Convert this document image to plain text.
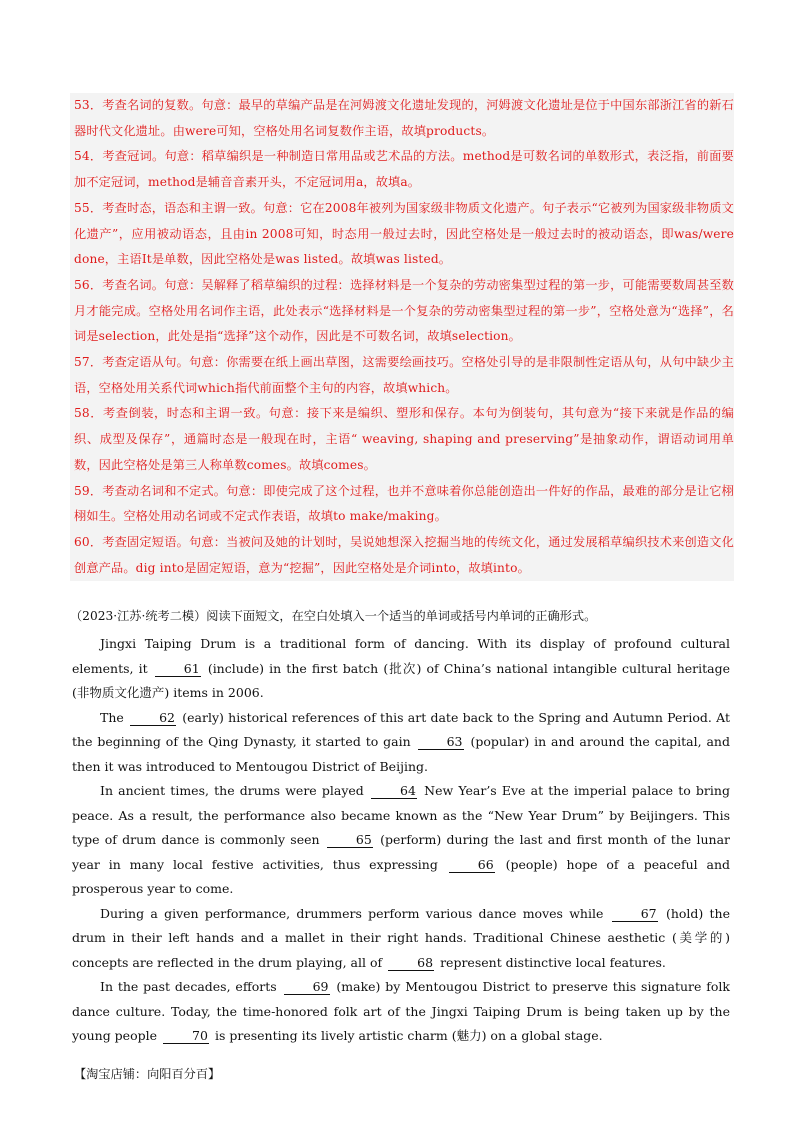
53．考查名词的复数。句意：最早的草编产品是在河姆渡文化遗址发现的，河姆渡文化遗址是位于中国东部浙江省的新石器时代文化遗址。由were可知，空格处用名词复数作主语，故填products。

54．考查冠词。句意：稻草编织是一种制造日常用品或艺术品的方法。method是可数名词的单数形式，表泛指，前面要加不定冠词，method是辅音音素开头，不定冠词用a，故填a。

55．考查时态，语态和主谓一致。句意：它在2008年被列为国家级非物质文化遗产。句子表示“它被列为国家级非物质文化遗产”，应用被动语态，且由in 2008可知，时态用一般过去时，因此空格处是一般过去时的被动语态，即was/were done，主语It是单数，因此空格处是was listed。故填was listed。

56．考查名词。句意：吴解释了稻草编织的过程：选择材料是一个复杂的劳动密集型过程的第一步，可能需要数周甚至数月才能完成。空格处用名词作主语，此处表示“选择材料是一个复杂的劳动密集型过程的第一步”，空格处意为“选择”，名词是selection，此处是指“选择”这个动作，因此是不可数名词，故填selection。

57．考查定语从句。句意：你需要在纸上画出草图，这需要绘画技巧。空格处引导的是非限制性定语从句，从句中缺少主语，空格处用关系代词which指代前面整个主句的内容，故填which。

58．考查倒装，时态和主谓一致。句意：接下来是编织、塑形和保存。本句为倒装句，其句意为“接下来就是作品的编织、成型及保存”，通篇时态是一般现在时，主语“ weaving, shaping and preserving”是抽象动作，谓语动词用单数，因此空格处是第三人称单数comes。故填comes。

59．考查动名词和不定式。句意：即使完成了这个过程，也并不意味着你总能创造出一件好的作品，最难的部分是让它栩栩如生。空格处用动名词或不定式作表语，故填to make/making。

60．考查固定短语。句意：当被问及她的计划时，吴说她想深入挖掘当地的传统文化，通过发展稻草编织技术来创造文化创意产品。dig into是固定短语，意为“挖掘”，因此空格处是介词into，故填into。

（2023·江苏·统考二模）阅读下面短文，在空白处填入一个适当的单词或括号内单词的正确形式。

Jingxi Taiping Drum is a traditional form of dancing. With its display of profound cultural elements, it	61 (include) in the first batch (批次) of China’s national intangible cultural heritage (非物质文化遗产) items in 2006.

The	62 (early) historical references of this art date back to the Spring and Autumn Period. At the beginning of the Qing Dynasty, it started to gain	63 (popular) in and around the capital, and then it was introduced to Mentougou District of Beijing.

In ancient times, the drums were played	64 New Year’s Eve at the imperial palace to bring peace. As a result, the performance also became known as the “New Year Drum” by Beijingers. This type of drum dance is commonly seen	65 (perform) during the last and first month of the lunar year in many local festive activities, thus expressing	66 (people) hope of a peaceful and prosperous year to come.

During a given performance, drummers perform various dance moves while	67 (hold) the drum in their left hands and a mallet in their right hands. Traditional Chinese aesthetic (美学的) concepts are reflected in the drum playing, all of	68 represent distinctive local features.

In the past decades, efforts	69 (make) by Mentougou District to preserve this signature folk dance culture. Today, the time-honored folk art of the Jingxi Taiping Drum is being taken up by the young people	70 is presenting its lively artistic charm (魅力) on a global stage.

【淘宝店铺：向阳百分百】
